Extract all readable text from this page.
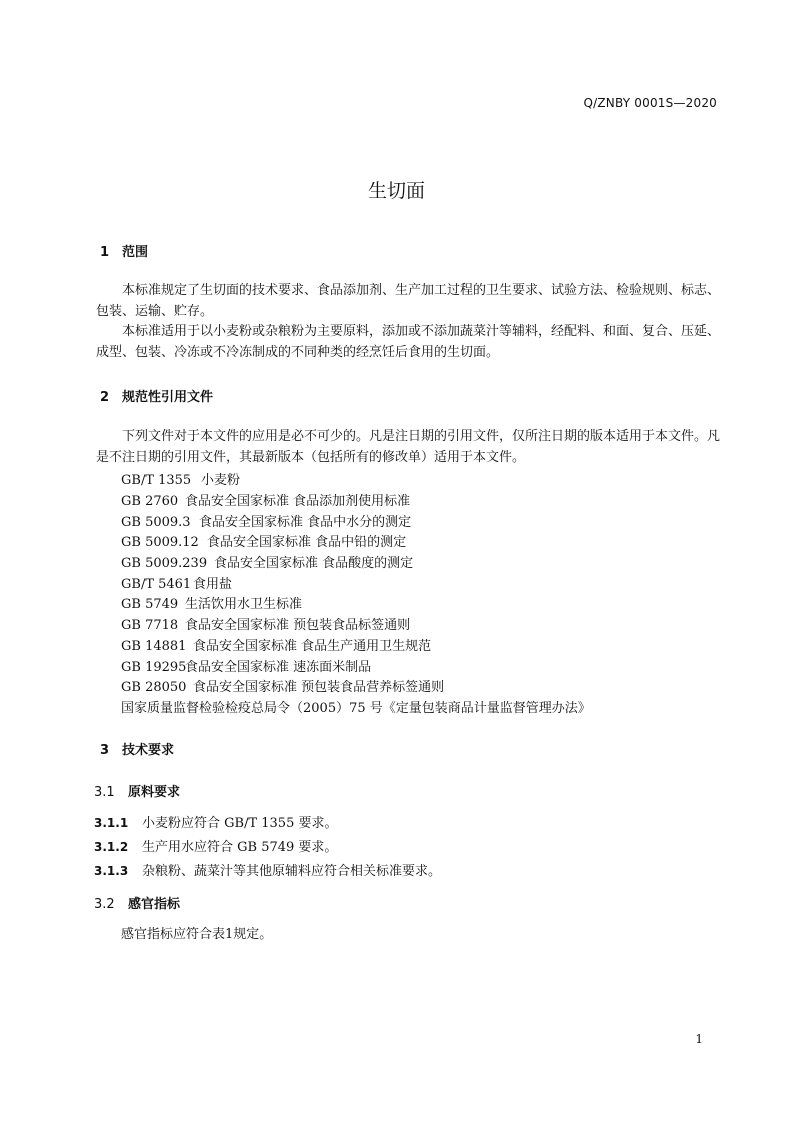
Q/ZNBY 0001S—2020
生切面
1 范围
本标准规定了生切面的技术要求、食品添加剂、生产加工过程的卫生要求、试验方法、检验规则、标志、包装、运输、贮存。
本标准适用于以小麦粉或杂粮粉为主要原料，添加或不添加蔬菜汁等辅料，经配料、和面、复合、压延、成型、包装、冷冻或不冷冻制成的不同种类的经烹饪后食用的生切面。
2 规范性引用文件
下列文件对于本文件的应用是必不可少的。凡是注日期的引用文件，仅所注日期的版本适用于本文件。凡是不注日期的引用文件，其最新版本（包括所有的修改单）适用于本文件。
GB/T 1355 小麦粉
GB 2760 食品安全国家标准 食品添加剂使用标准
GB 5009.3 食品安全国家标准 食品中水分的测定
GB 5009.12 食品安全国家标准 食品中铅的测定
GB 5009.239 食品安全国家标准 食品酸度的测定
GB/T 5461 食用盐
GB 5749 生活饮用水卫生标准
GB 7718 食品安全国家标准 预包装食品标签通则
GB 14881 食品安全国家标准 食品生产通用卫生规范
GB 19295食品安全国家标准 速冻面米制品
GB 28050 食品安全国家标准 预包装食品营养标签通则
国家质量监督检验检疫总局令（2005）75 号《定量包装商品计量监督管理办法》
3 技术要求
3.1 原料要求
3.1.1 小麦粉应符合 GB/T 1355 要求。
3.1.2 生产用水应符合 GB 5749 要求。
3.1.3 杂粮粉、蔬菜汁等其他原辅料应符合相关标准要求。
3.2 感官指标
感官指标应符合表1规定。
1
